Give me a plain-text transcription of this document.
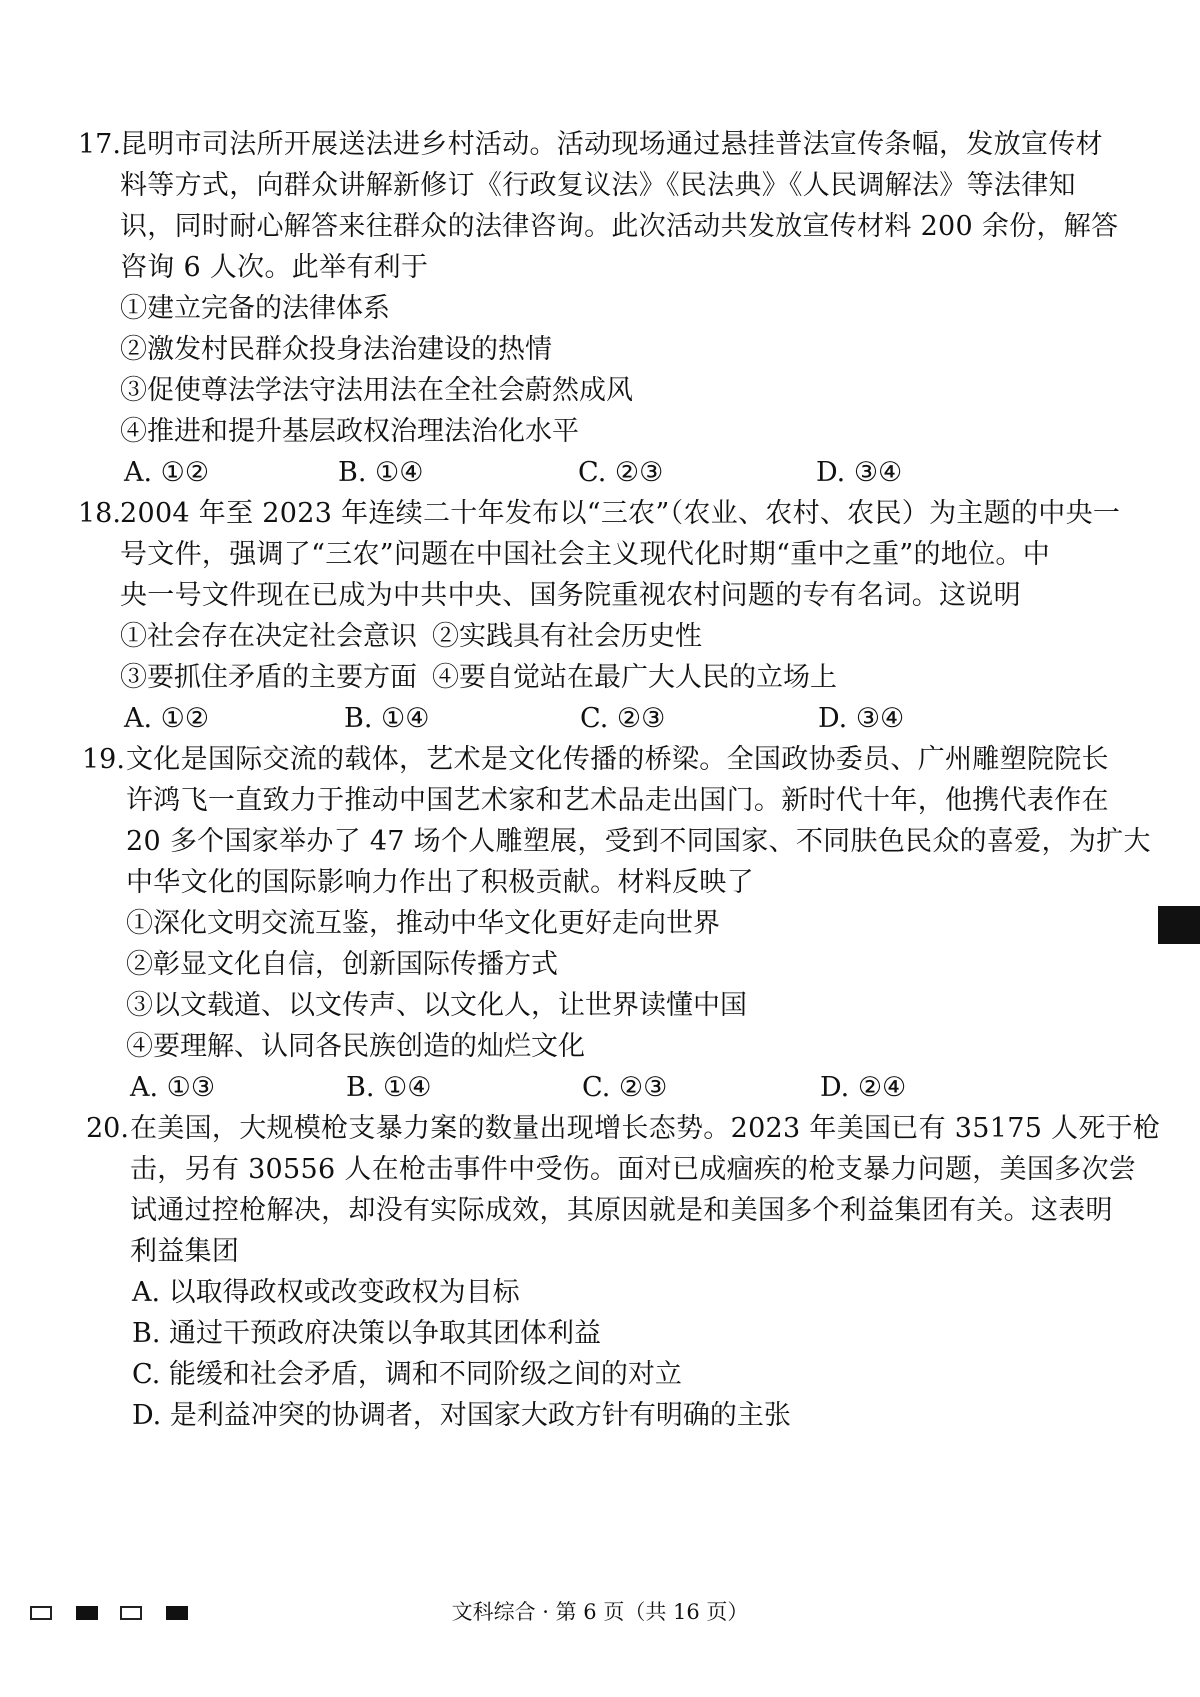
17. 昆明市司法所开展送法进乡村活动。活动现场通过悬挂普法宣传条幅，发放宣传材
料等方式，向群众讲解新修订《行政复议法》《民法典》《人民调解法》等法律知
识，同时耐心解答来往群众的法律咨询。此次活动共发放宣传材料 200 余份，解答
咨询 6 人次。此举有利于
①建立完备的法律体系
②激发村民群众投身法治建设的热情
③促使尊法学法守法用法在全社会蔚然成风
④推进和提升基层政权治理法治化水平
A. ①②	B. ①④	C. ②③	D. ③④
18. 2004 年至 2023 年连续二十年发布以“三农”（农业、农村、农民）为主题的中央一
号文件，强调了“三农”问题在中国社会主义现代化时期“重中之重”的地位。中
央一号文件现在已成为中共中央、国务院重视农村问题的专有名词。这说明
①社会存在决定社会意识 ②实践具有社会历史性
③要抓住矛盾的主要方面 ④要自觉站在最广大人民的立场上
A. ①②	B. ①④	C. ②③	D. ③④
19. 文化是国际交流的载体，艺术是文化传播的桥梁。全国政协委员、广州雕塑院院长
许鸿飞一直致力于推动中国艺术家和艺术品走出国门。新时代十年，他携代表作在
20 多个国家举办了 47 场个人雕塑展，受到不同国家、不同肤色民众的喜爱，为扩大
中华文化的国际影响力作出了积极贡献。材料反映了
①深化文明交流互鉴，推动中华文化更好走向世界
②彰显文化自信，创新国际传播方式
③以文载道、以文传声、以文化人，让世界读懂中国
④要理解、认同各民族创造的灿烂文化
A. ①③	B. ①④	C. ②③	D. ②④
20. 在美国，大规模枪支暴力案的数量出现增长态势。2023 年美国已有 35175 人死于枪
击，另有 30556 人在枪击事件中受伤。面对已成痼疾的枪支暴力问题，美国多次尝
试通过控枪解决，却没有实际成效，其原因就是和美国多个利益集团有关。这表明
利益集团
A. 以取得政权或改变政权为目标
B. 通过干预政府决策以争取其团体利益
C. 能缓和社会矛盾，调和不同阶级之间的对立
D. 是利益冲突的协调者，对国家大政方针有明确的主张
文科综合 · 第 6 页（共 16 页）
